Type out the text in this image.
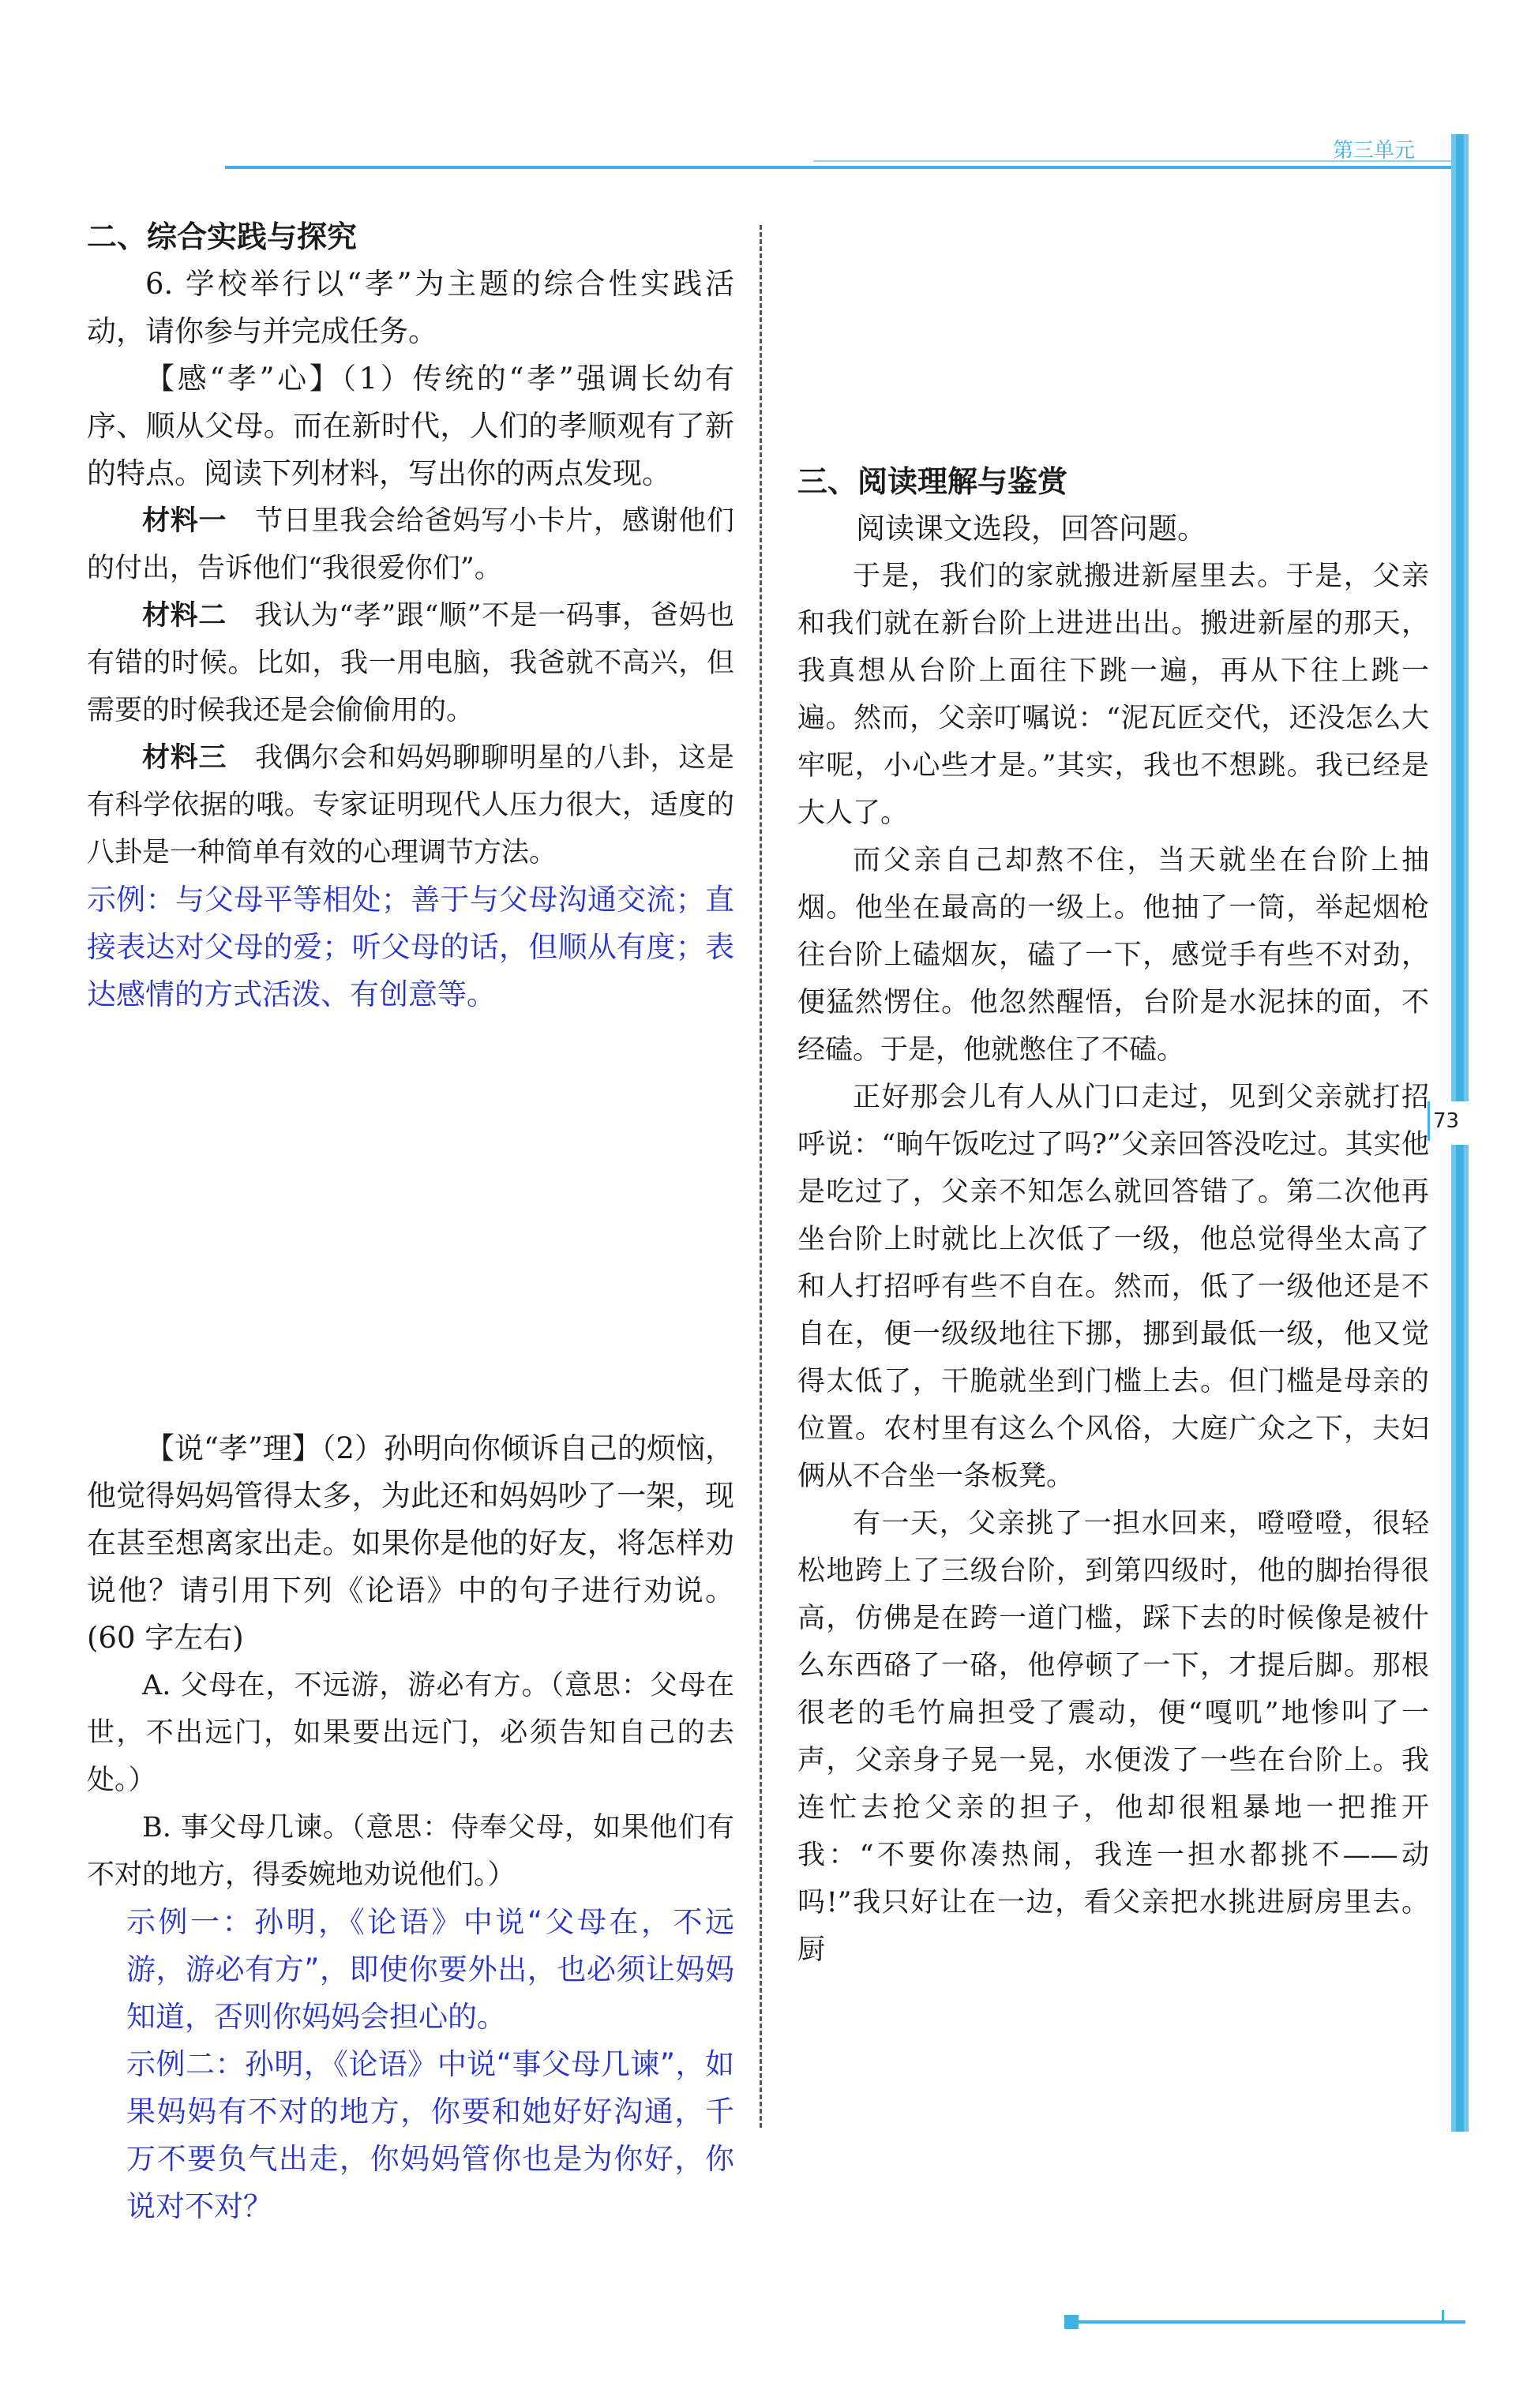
第三单元
73
二、综合实践与探究

6. 学校举行以“孝”为主题的综合性实践活动，请你参与并完成任务。

【感“孝”心】（1）传统的“孝”强调长幼有序、顺从父母。而在新时代，人们的孝顺观有了新的特点。阅读下列材料，写出你的两点发现。

材料一　 节日里我会给爸妈写小卡片，感谢他们的付出，告诉他们“我很爱你们”。

材料二　 我认为“孝”跟“顺”不是一码事，爸妈也有错的时候。比如，我一用电脑，我爸就不高兴，但需要的时候我还是会偷偷用的。

材料三　 我偶尔会和妈妈聊聊明星的八卦，这是有科学依据的哦。专家证明现代人压力很大，适度的八卦是一种简单有效的心理调节方法。

示例：与父母平等相处；善于与父母沟通交流；直接表达对父母的爱；听父母的话，但顺从有度；表达感情的方式活泼、有创意等。

【说“孝”理】（2）孙明向你倾诉自己的烦恼，他觉得妈妈管得太多，为此还和妈妈吵了一架，现在甚至想离家出走。如果你是他的好友，将怎样劝说他？请引用下列《论语》中的句子进行劝说。(60 字左右)

A. 父母在，不远游，游必有方。（意思：父母在世，不出远门，如果要出远门，必须告知自己的去处。）

B. 事父母几谏。（意思：侍奉父母，如果他们有不对的地方，得委婉地劝说他们。）

示例一：孙明，《论语》中说“父母在，不远游，游必有方”，即使你要外出，也必须让妈妈知道，否则你妈妈会担心的。

示例二：孙明，《论语》中说“事父母几谏”，如果妈妈有不对的地方，你要和她好好沟通，千万不要负气出走，你妈妈管你也是为你好，你说对不对？

三、阅读理解与鉴赏

阅读课文选段，回答问题。

于是，我们的家就搬进新屋里去。于是，父亲和我们就在新台阶上进进出出。搬进新屋的那天，我真想从台阶上面往下跳一遍，再从下往上跳一遍。然而，父亲叮嘱说：“泥瓦匠交代，还没怎么大牢呢，小心些才是。”其实，我也不想跳。我已经是大人了。

而父亲自己却熬不住，当天就坐在台阶上抽烟。他坐在最高的一级上。他抽了一筒，举起烟枪往台阶上磕烟灰，磕了一下，感觉手有些不对劲，便猛然愣住。他忽然醒悟，台阶是水泥抹的面，不经磕。于是，他就憋住了不磕。

正好那会儿有人从门口走过，见到父亲就打招呼说：“晌午饭吃过了吗?”父亲回答没吃过。其实他是吃过了，父亲不知怎么就回答错了。第二次他再坐台阶上时就比上次低了一级，他总觉得坐太高了和人打招呼有些不自在。然而，低了一级他还是不自在，便一级级地往下挪，挪到最低一级，他又觉得太低了，干脆就坐到门槛上去。但门槛是母亲的位置。农村里有这么个风俗，大庭广众之下，夫妇俩从不合坐一条板凳。

有一天，父亲挑了一担水回来，噔噔噔，很轻松地跨上了三级台阶，到第四级时，他的脚抬得很高，仿佛是在跨一道门槛，踩下去的时候像是被什么东西硌了一硌，他停顿了一下，才提后脚。那根很老的毛竹扁担受了震动，便“嘎叽”地惨叫了一声，父亲身子晃一晃，水便泼了一些在台阶上。我连忙去抢父亲的担子，他却很粗暴地一把推开我：“不要你凑热闹，我连一担水都挑不——动吗!”我只好让在一边，看父亲把水挑进厨房里去。厨
